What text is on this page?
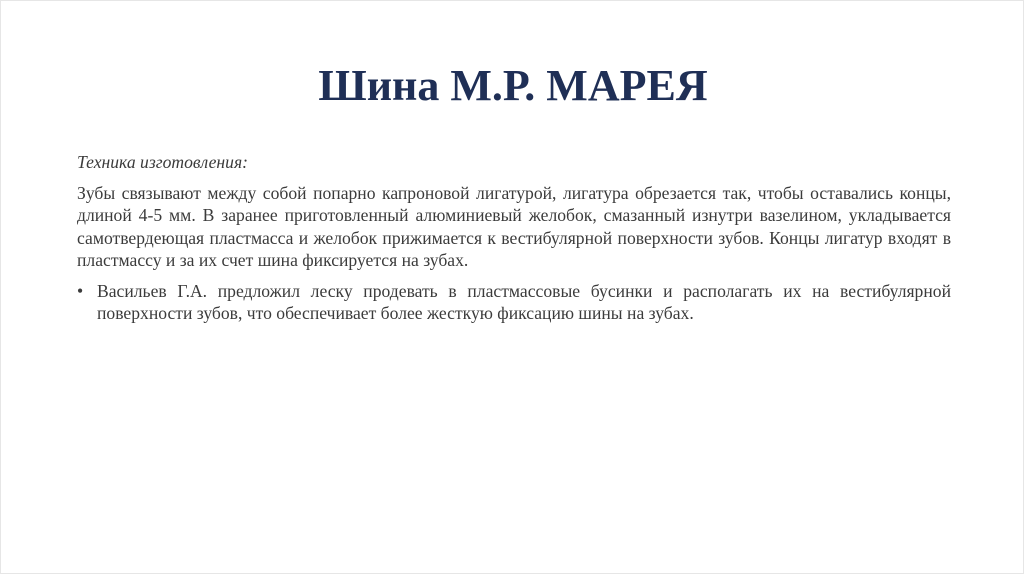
Шина М.Р. МАРЕЯ

Техника изготовления:

Зубы связывают между собой попарно капроновой лигатурой, лигатура обрезается так, чтобы оставались концы, длиной 4-5 мм. В заранее приготовленный алюминиевый желобок, смазанный изнутри вазелином, укладывается самотвердеющая пластмасса и желобок прижимается к вестибулярной поверхности зубов. Концы лигатур входят в пластмассу и за их счет шина фиксируется на зубах.

• Васильев Г.А. предложил леску продевать в пластмассовые бусинки и располагать их на вестибулярной поверхности зубов, что обеспечивает более жесткую фиксацию шины на зубах.
